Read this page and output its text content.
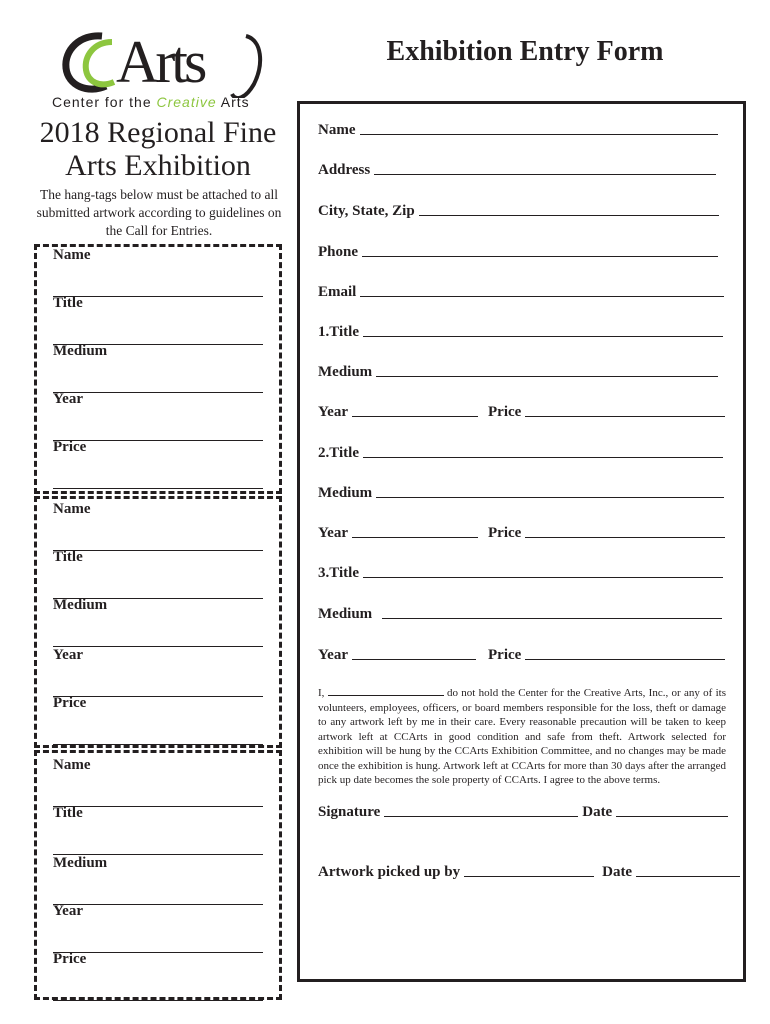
Arts
Center for the Creative Arts
Exhibition Entry Form
2018 Regional Fine
Arts Exhibition
The hang-tags below must be attached to all submitted artwork according to guidelines on the Call for Entries.
Name
Title
Medium
Year
Price
Name
Title
Medium
Year
Price
Name
Title
Medium
Year
Price
Name
Address
City, State, Zip
Phone
Email
1.Title
Medium
Year	Price
2.Title
Medium
Year	Price
3.Title
Medium
Year	Price
I,	do not hold the Center for the Creative Arts, Inc., or any of its volunteers, employees, officers, or board members responsible for the loss, theft or damage to any artwork left by me in their care. Every reasonable precaution will be taken to keep artwork left at CCArts in good condition and safe from theft. Artwork selected for exhibition will be hung by the CCArts Exhibition Committee, and no changes may be made once the exhibition is hung. Artwork left at CCArts for more than 30 days after the arranged pick up date becomes the sole property of CCArts. I agree to the above terms.
Signature	Date
Artwork picked up by	Date
